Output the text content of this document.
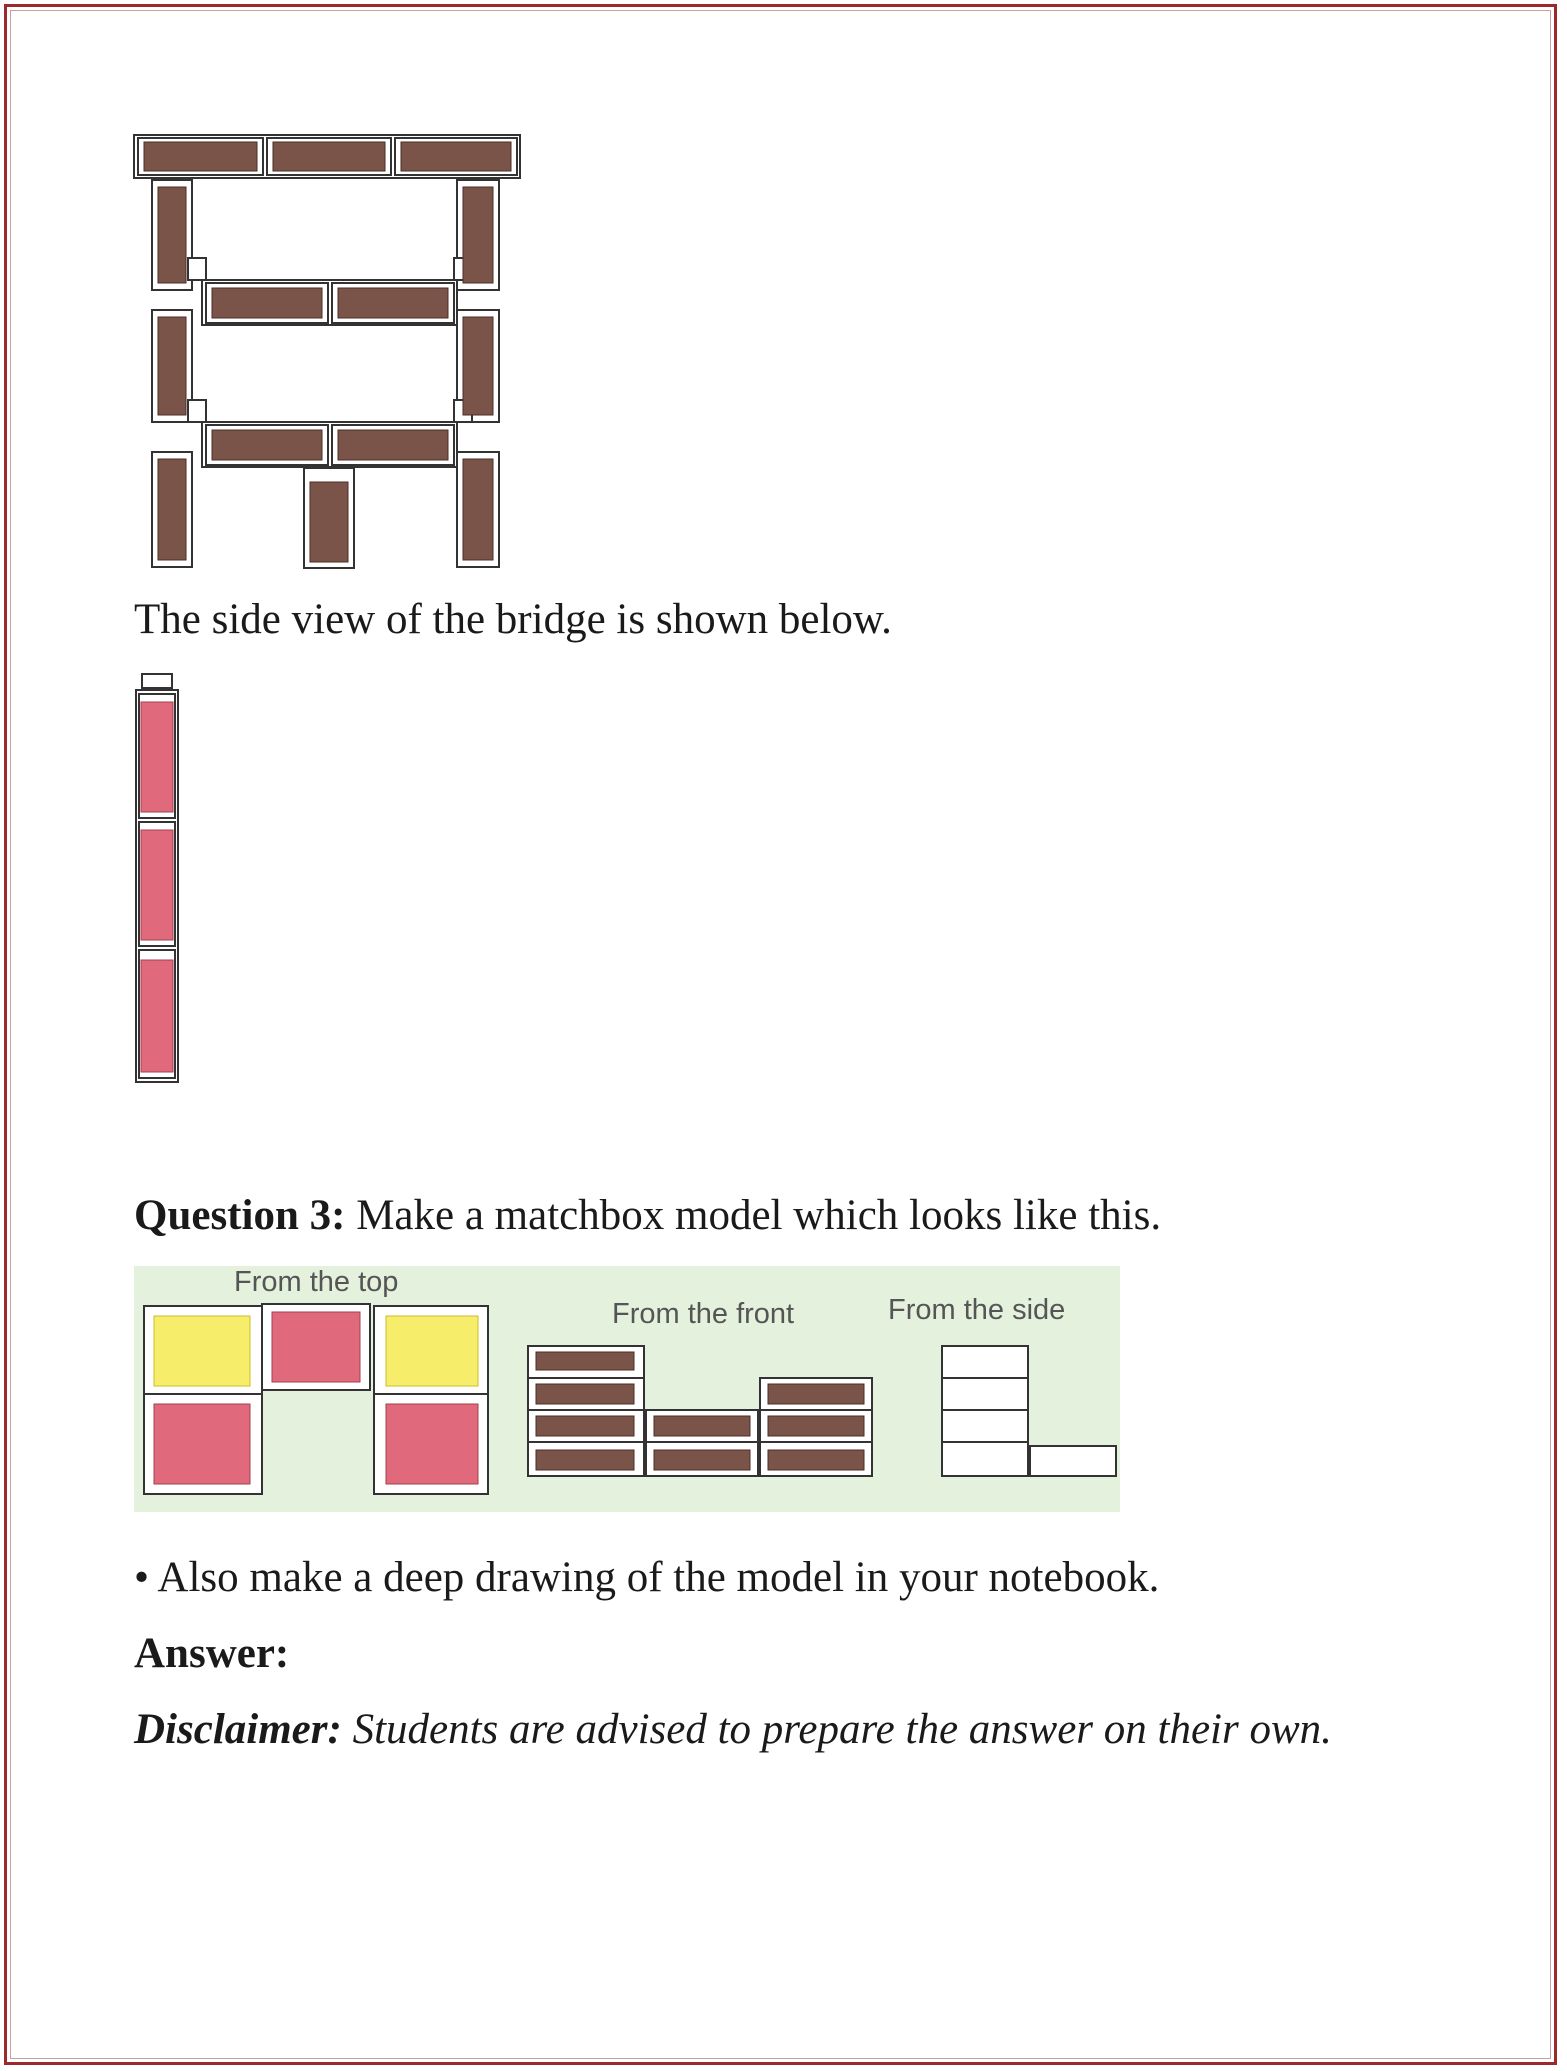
The side view of the bridge is shown below.
Question 3: Make a matchbox model which looks like this.
From the top
From the front	From the side
• Also make a deep drawing of the model in your notebook.
Answer:
Disclaimer: Students are advised to prepare the answer on their own.
